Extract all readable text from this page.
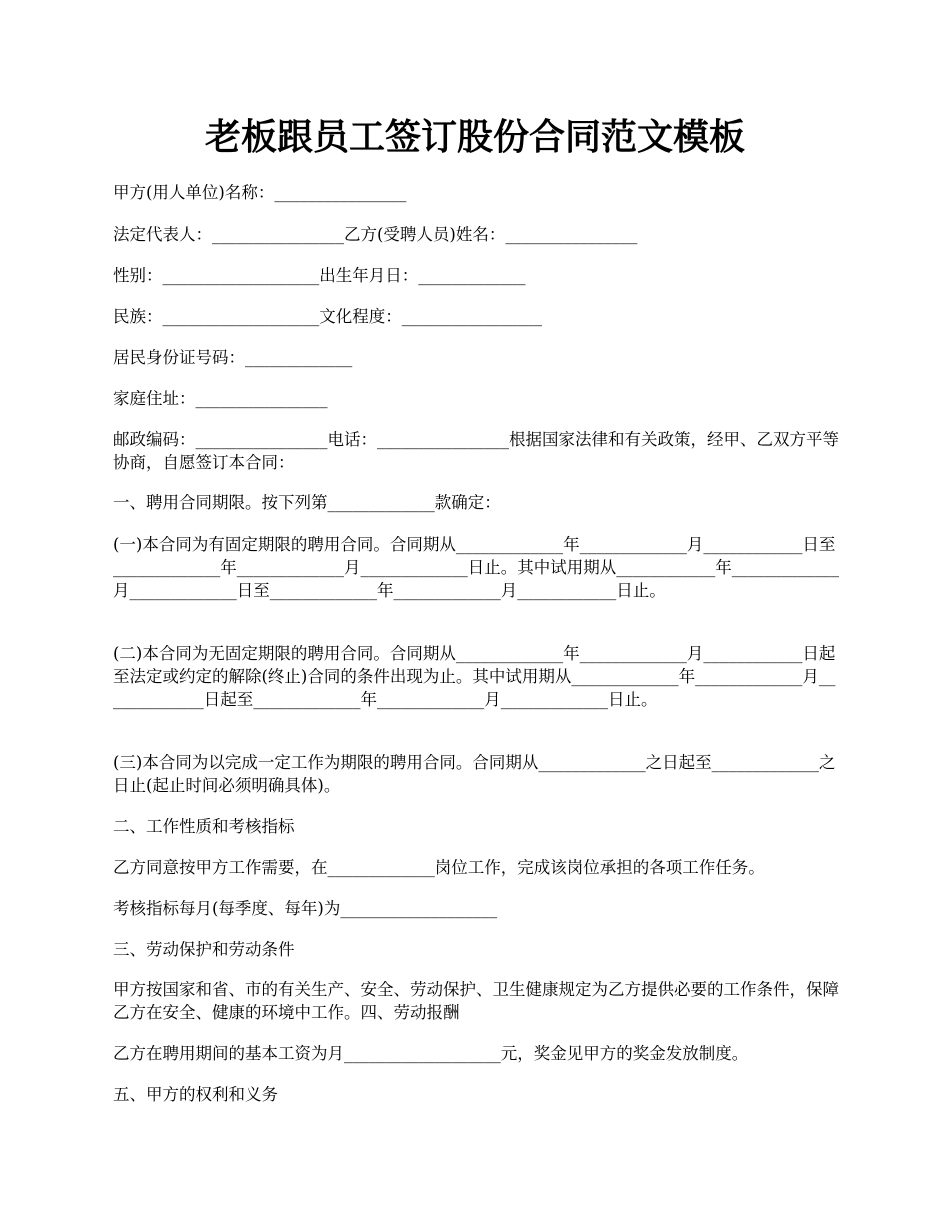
老板跟员工签订股份合同范文模板
甲方(用人单位)名称：________________
法定代表人：________________乙方(受聘人员)姓名：________________
性别：___________________出生年月日：_____________
民族：___________________文化程度：_________________
居民身份证号码：_____________
家庭住址：________________
邮政编码：________________电话：________________根据国家法律和有关政策，经甲、乙双方平等协商，自愿签订本合同：
一、聘用合同期限。按下列第_____________款确定：
(一)本合同为有固定期限的聘用合同。合同期从_____________年_____________月____________日至_____________年_____________月_____________日止。其中试用期从____________年_____________月_____________日至_____________年_____________月____________日止。
(二)本合同为无固定期限的聘用合同。合同期从_____________年_____________月____________日起至法定或约定的解除(终止)合同的条件出现为止。其中试用期从_____________年_____________月_____________日起至_____________年_____________月_____________日止。
(三)本合同为以完成一定工作为期限的聘用合同。合同期从_____________之日起至_____________之日止(起止时间必须明确具体)。
二、工作性质和考核指标
乙方同意按甲方工作需要，在_____________岗位工作，完成该岗位承担的各项工作任务。
考核指标每月(每季度、每年)为___________________
三、劳动保护和劳动条件
甲方按国家和省、市的有关生产、安全、劳动保护、卫生健康规定为乙方提供必要的工作条件，保障乙方在安全、健康的环境中工作。四、劳动报酬
乙方在聘用期间的基本工资为月___________________元，奖金见甲方的奖金发放制度。
五、甲方的权利和义务
